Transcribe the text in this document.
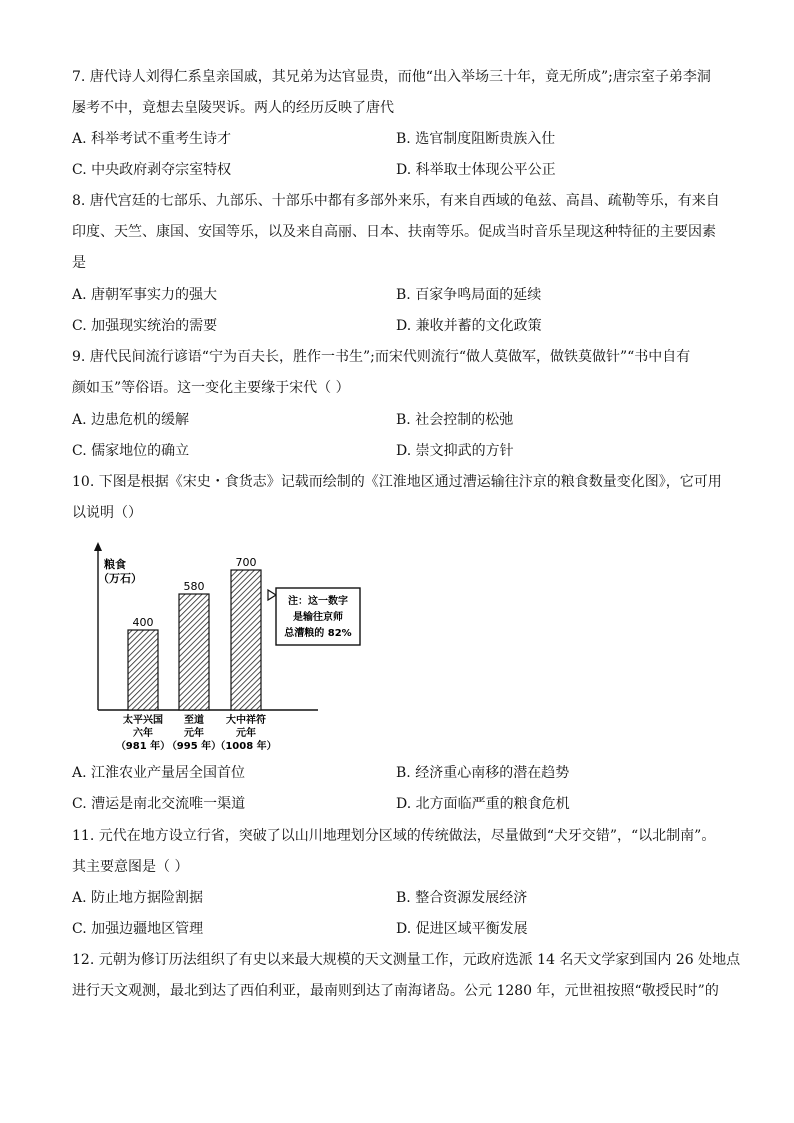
7. 唐代诗人刘得仁系皇亲国戚，其兄弟为达官显贵，而他“出入举场三十年，竟无所成”;唐宗室子弟李洞
屡考不中，竟想去皇陵哭诉。两人的经历反映了唐代
A. 科举考试不重考生诗才	B. 选官制度阻断贵族入仕
C. 中央政府剥夺宗室特权	D. 科举取士体现公平公正
8. 唐代宫廷的七部乐、九部乐、十部乐中都有多部外来乐，有来自西域的龟兹、高昌、疏勒等乐，有来自
印度、天竺、康国、安国等乐，以及来自高丽、日本、扶南等乐。促成当时音乐呈现这种特征的主要因素
是
A. 唐朝军事实力的强大	B. 百家争鸣局面的延续
C. 加强现实统治的需要	D. 兼收并蓄的文化政策
9. 唐代民间流行谚语“宁为百夫长，胜作一书生”;而宋代则流行“做人莫做军，做铁莫做针”“书中自有
颜如玉”等俗语。这一变化主要缘于宋代（ ）
A. 边患危机的缓解	B. 社会控制的松弛
C. 儒家地位的确立	D. 崇文抑武的方针
10. 下图是根据《宋史・食货志》记载而绘制的《江淮地区通过漕运输往汴京的粮食数量变化图》，它可用
以说明（）
粮食
（万石）
400
太平兴国
六年
（981 年）
580
至道
元年
（995 年）
700
大中祥符
元年
（1008 年）
注：这一数字
是输往京师
总漕粮的 82%
A. 江淮农业产量居全国首位	B. 经济重心南移的潜在趋势
C. 漕运是南北交流唯一渠道	D. 北方面临严重的粮食危机
11. 元代在地方设立行省，突破了以山川地理划分区域的传统做法，尽量做到“犬牙交错”，“以北制南”。
其主要意图是（ ）
A. 防止地方据险割据	B. 整合资源发展经济
C. 加强边疆地区管理	D. 促进区域平衡发展
12. 元朝为修订历法组织了有史以来最大规模的天文测量工作，元政府选派 14 名天文学家到国内 26 处地点
进行天文观测，最北到达了西伯利亚，最南则到达了南海诸岛。公元 1280 年，元世祖按照“敬授民时”的
